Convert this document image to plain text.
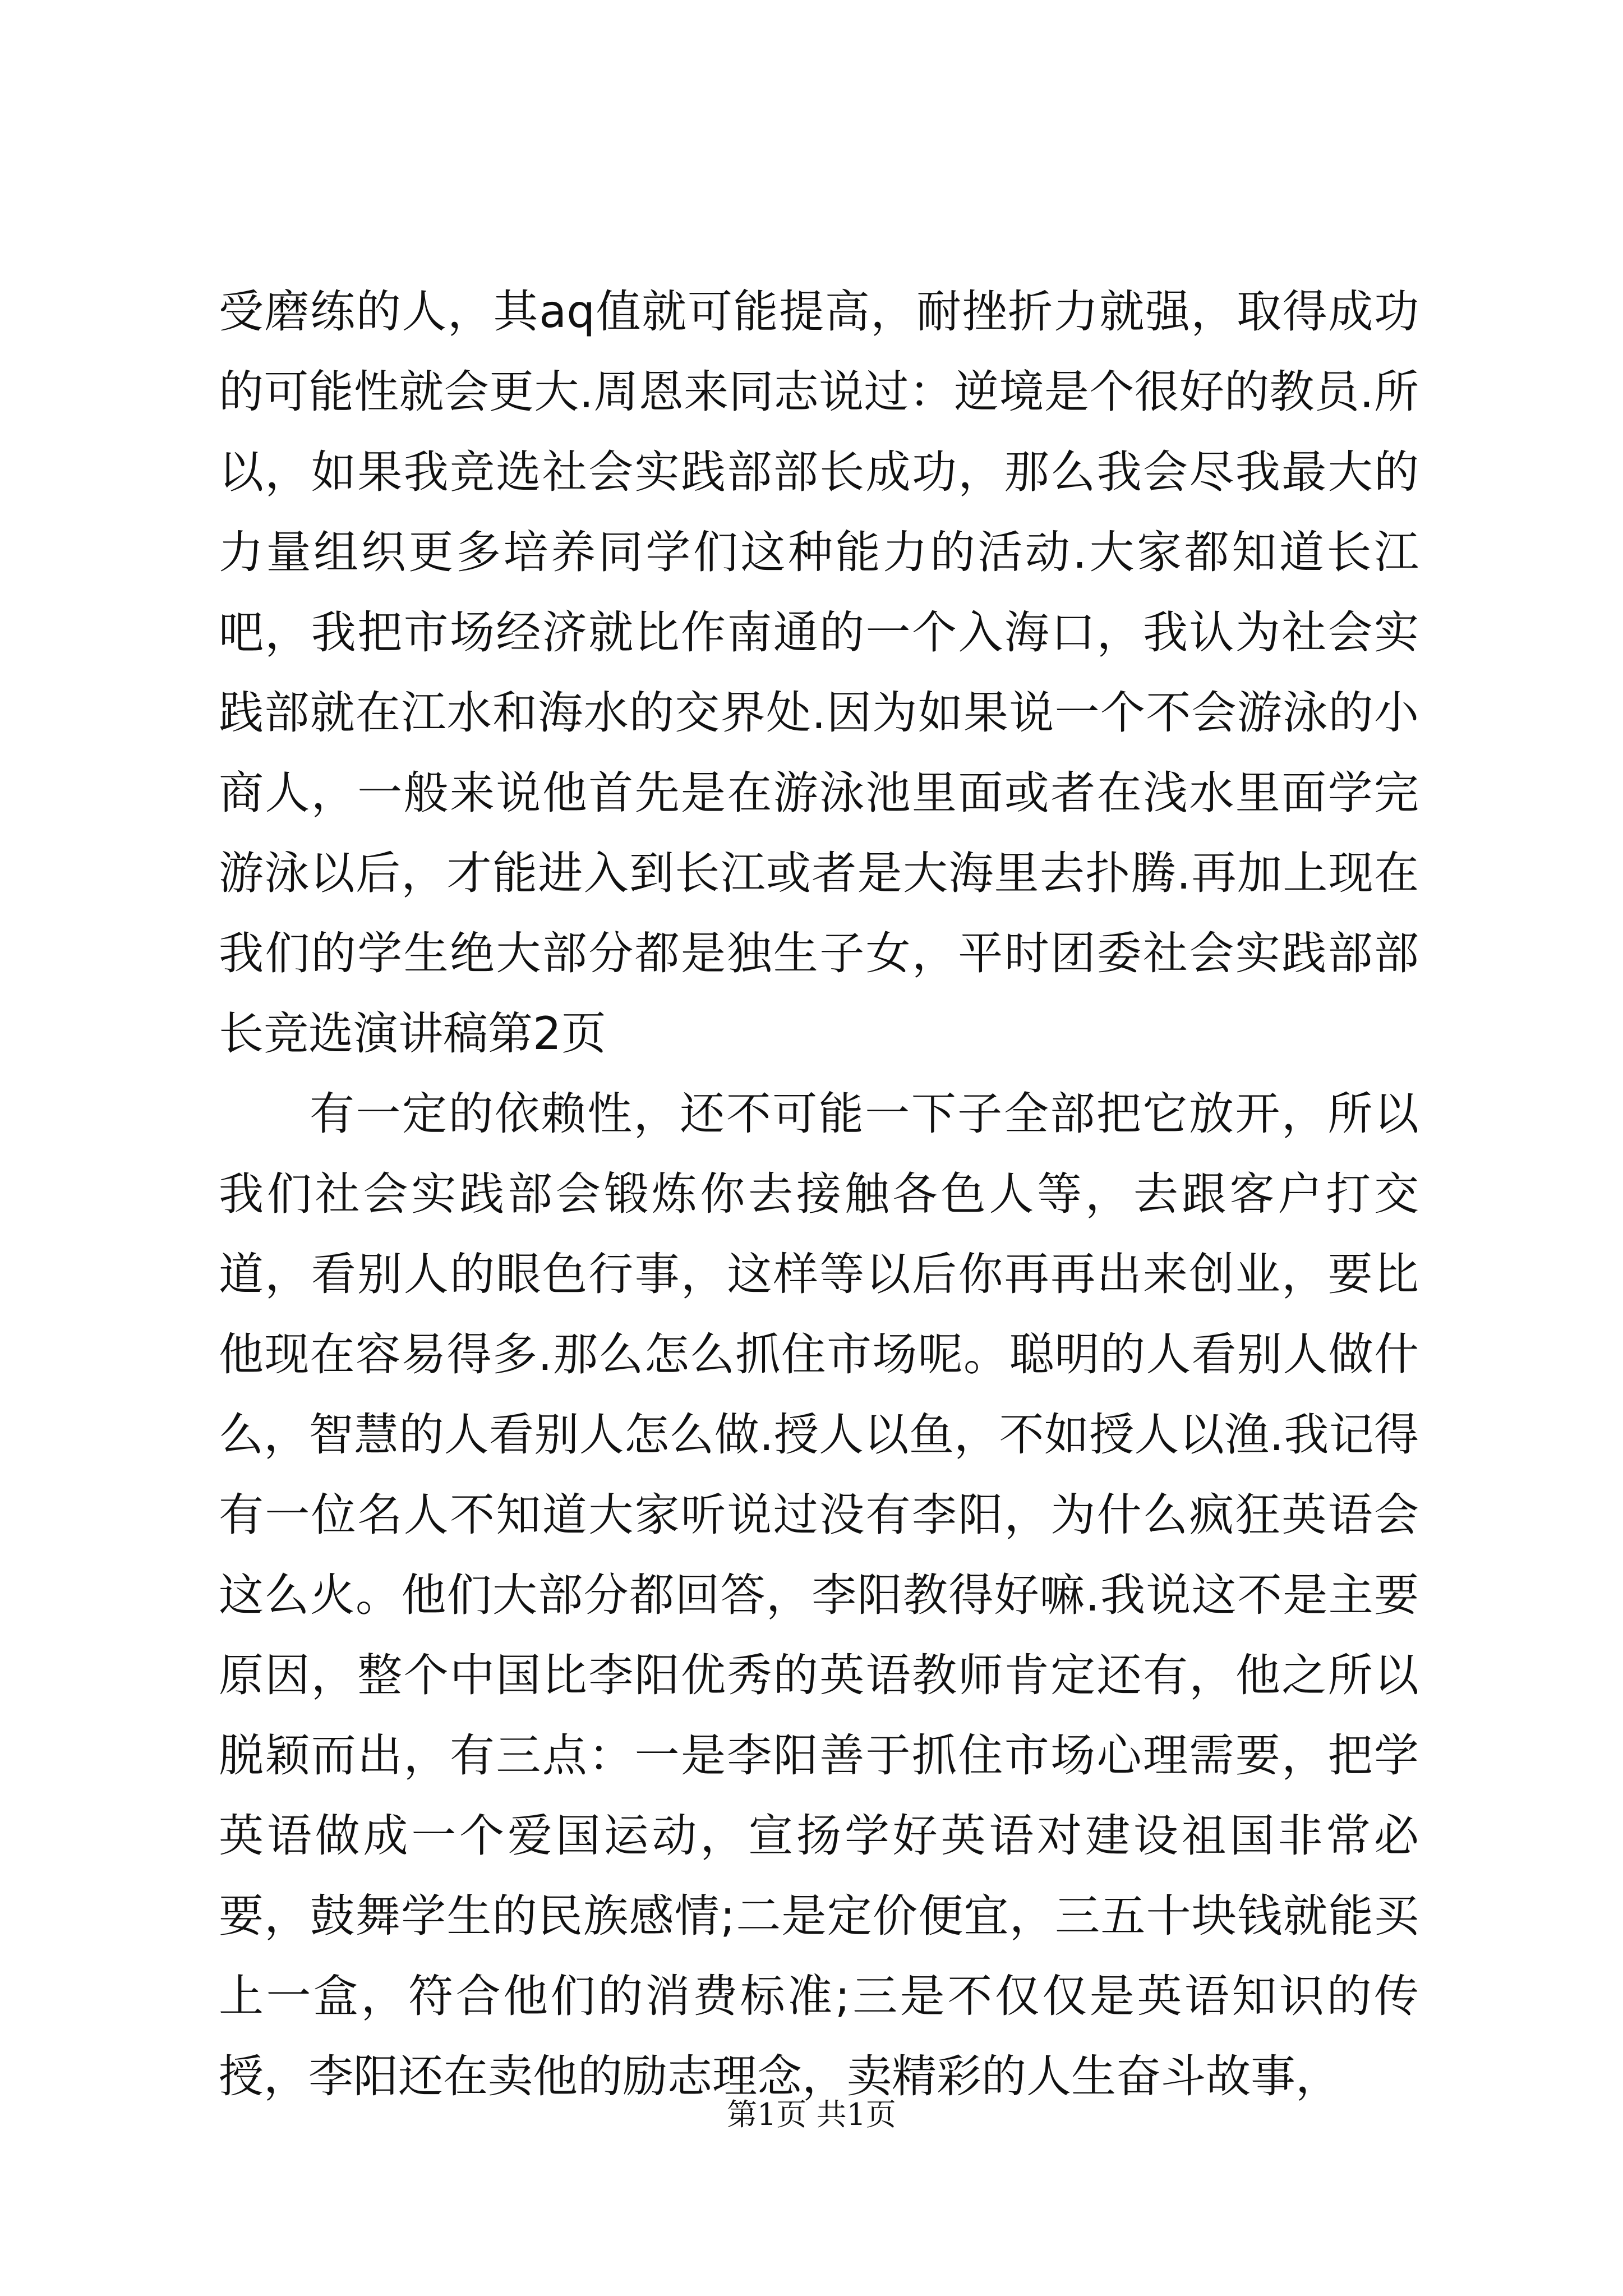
受磨练的人，其aq值就可能提高，耐挫折力就强，取得成功的可能性就会更大.周恩来同志说过：逆境是个很好的教员.所以，如果我竞选社会实践部部长成功，那么我会尽我最大的力量组织更多培养同学们这种能力的活动.大家都知道长江吧，我把市场经济就比作南通的一个入海口，我认为社会实践部就在江水和海水的交界处.因为如果说一个不会游泳的小商人，一般来说他首先是在游泳池里面或者在浅水里面学完游泳以后，才能进入到长江或者是大海里去扑腾.再加上现在我们的学生绝大部分都是独生子女，平时团委社会实践部部长竞选演讲稿第2页

有一定的依赖性，还不可能一下子全部把它放开，所以我们社会实践部会锻炼你去接触各色人等，去跟客户打交道，看别人的眼色行事，这样等以后你再再出来创业，要比他现在容易得多.那么怎么抓住市场呢。聪明的人看别人做什么，智慧的人看别人怎么做.授人以鱼，不如授人以渔.我记得有一位名人不知道大家听说过没有李阳，为什么疯狂英语会这么火。他们大部分都回答，李阳教得好嘛.我说这不是主要原因，整个中国比李阳优秀的英语教师肯定还有，他之所以脱颖而出，有三点：一是李阳善于抓住市场心理需要，把学英语做成一个爱国运动，宣扬学好英语对建设祖国非常必要，鼓舞学生的民族感情;二是定价便宜，三五十块钱就能买上一盒，符合他们的消费标准;三是不仅仅是英语知识的传授，李阳还在卖他的励志理念，卖精彩的人生奋斗故事，

第1页 共1页
